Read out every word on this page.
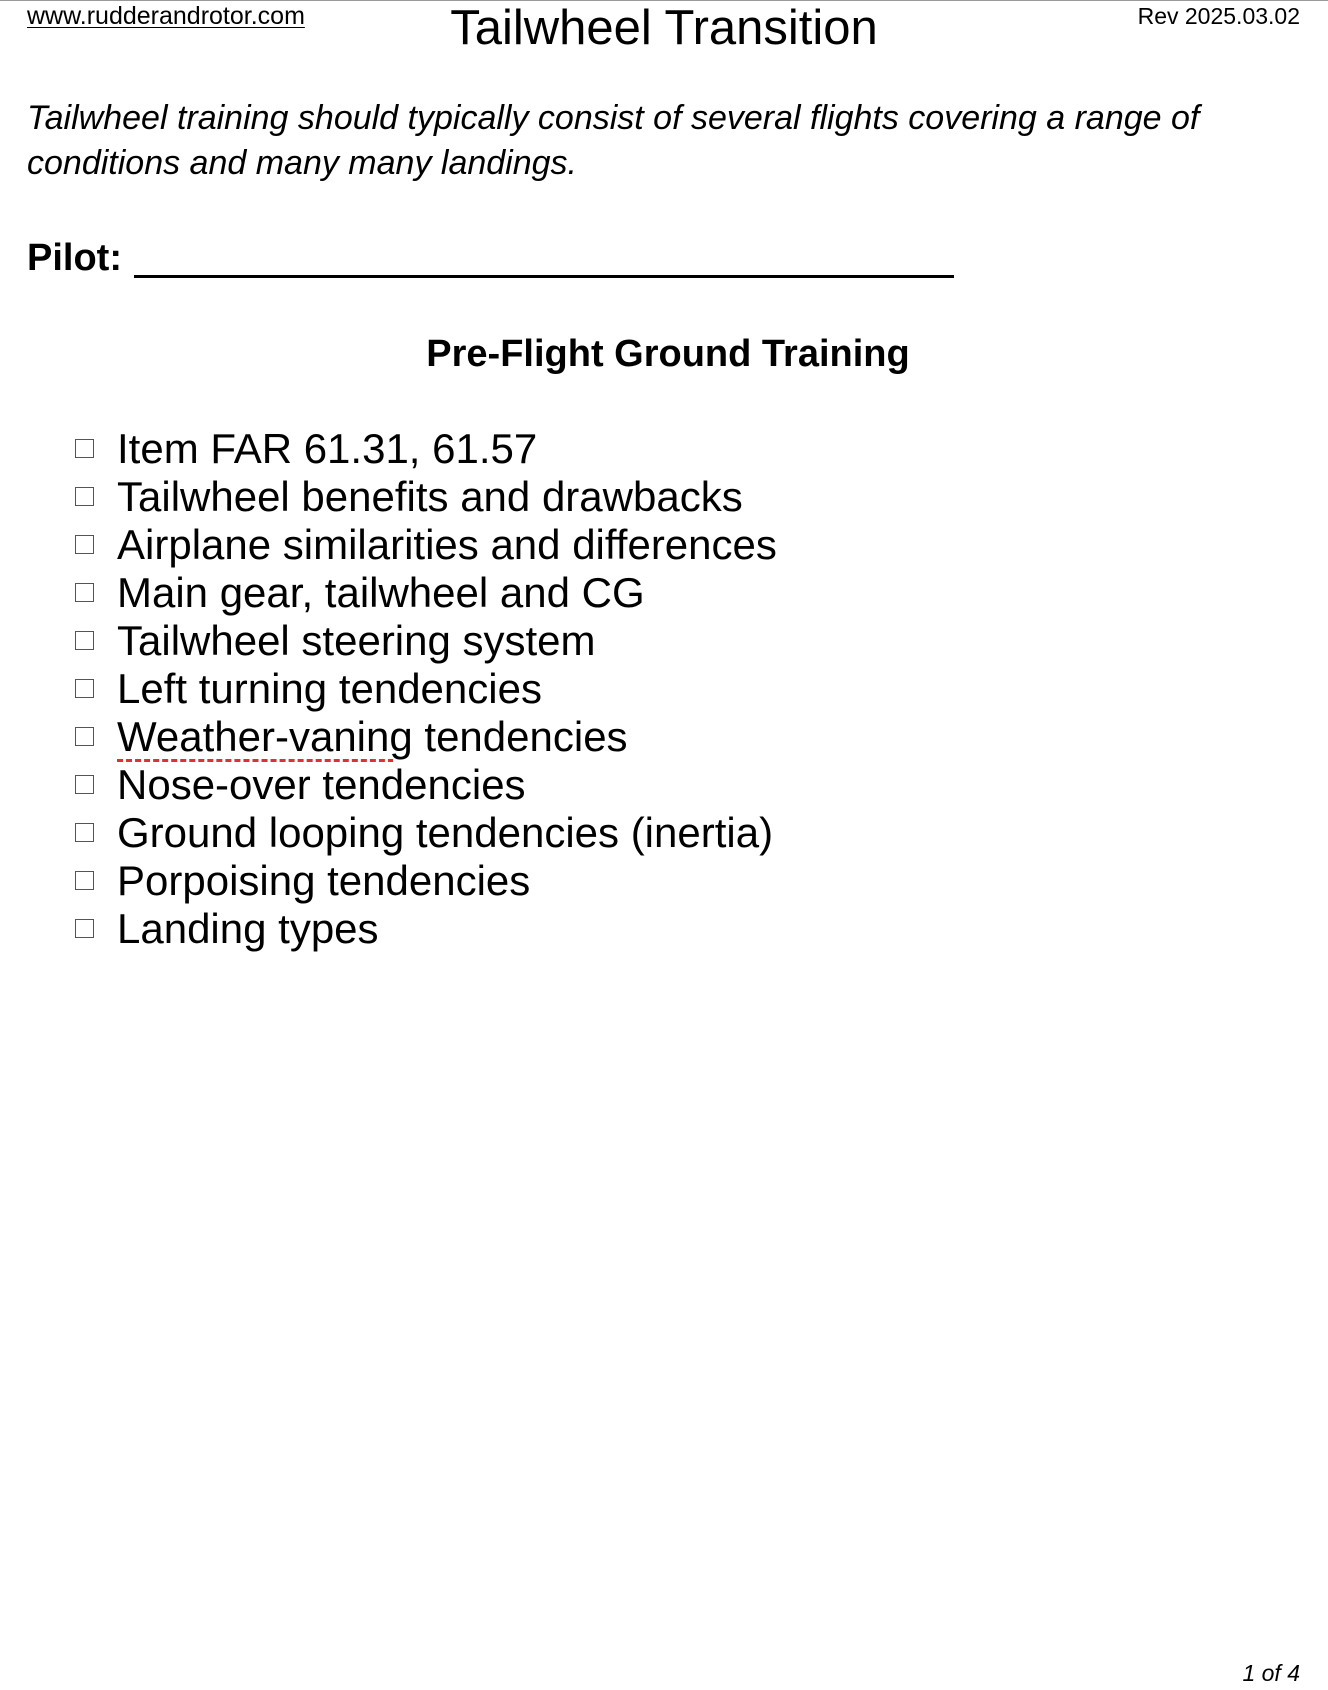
www.rudderandrotor.com	Tailwheel Transition	Rev 2025.03.02
Tailwheel training should typically consist of several flights covering a range of conditions and many many landings.
Pilot:
Pre-Flight Ground Training
Item FAR 61.31, 61.57
Tailwheel benefits and drawbacks
Airplane similarities and differences
Main gear, tailwheel and CG
Tailwheel steering system
Left turning tendencies
Weather-vaning tendencies
Nose-over tendencies
Ground looping tendencies (inertia)
Porpoising tendencies
Landing types
1 of 4
